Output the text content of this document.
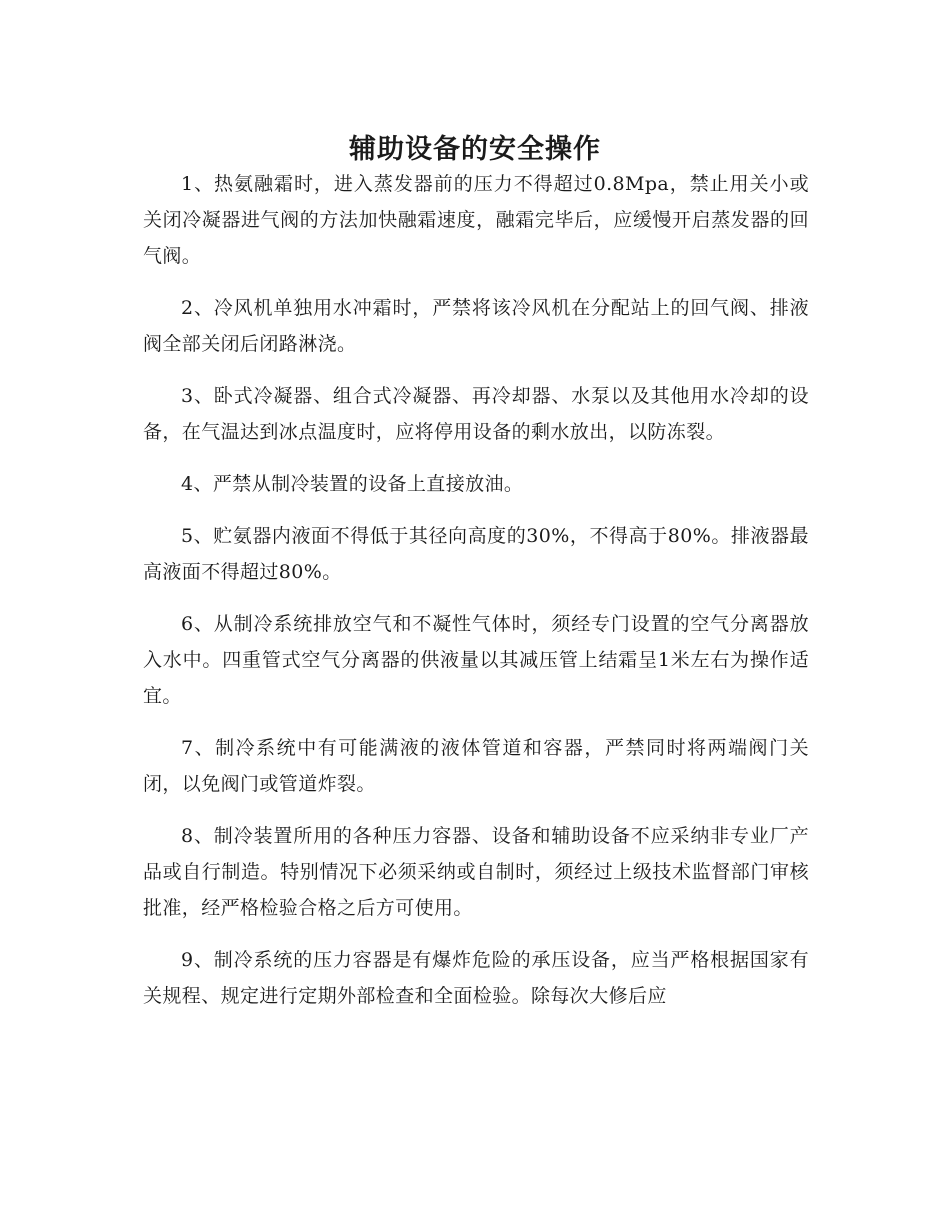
辅助设备的安全操作

1、热氨融霜时，进入蒸发器前的压力不得超过0.8Mpa，禁止用关小或关闭冷凝器进气阀的方法加快融霜速度，融霜完毕后，应缓慢开启蒸发器的回气阀。

2、冷风机单独用水冲霜时，严禁将该冷风机在分配站上的回气阀、排液阀全部关闭后闭路淋浇。

3、卧式冷凝器、组合式冷凝器、再冷却器、水泵以及其他用水冷却的设备，在气温达到冰点温度时，应将停用设备的剩水放出，以防冻裂。

4、严禁从制冷装置的设备上直接放油。

5、贮氨器内液面不得低于其径向高度的30%，不得高于80%。排液器最高液面不得超过80%。

6、从制冷系统排放空气和不凝性气体时，须经专门设置的空气分离器放入水中。四重管式空气分离器的供液量以其减压管上结霜呈1米左右为操作适宜。

7、制冷系统中有可能满液的液体管道和容器，严禁同时将两端阀门关闭，以免阀门或管道炸裂。

8、制冷装置所用的各种压力容器、设备和辅助设备不应采纳非专业厂产品或自行制造。特别情况下必须采纳或自制时，须经过上级技术监督部门审核批准，经严格检验合格之后方可使用。

9、制冷系统的压力容器是有爆炸危险的承压设备，应当严格根据国家有关规程、规定进行定期外部检查和全面检验。除每次大修后应
